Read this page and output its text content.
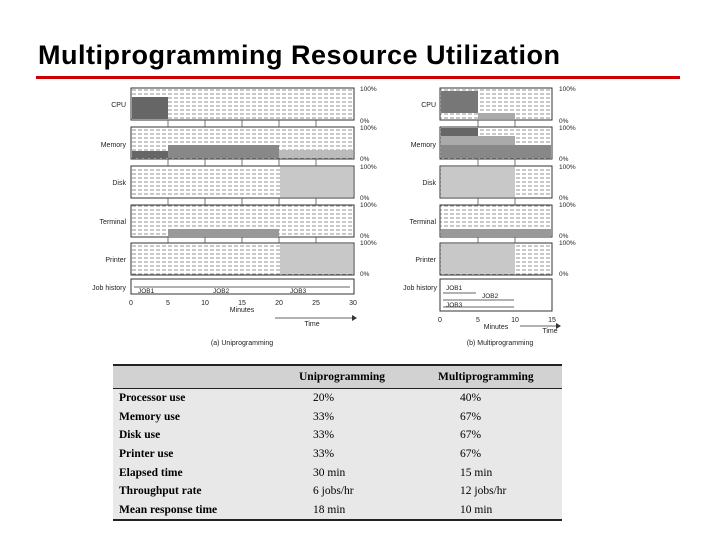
Multiprogramming Resource Utilization
CPU
Memory
Disk
Terminal
Printer
100%
0%
100%
0%
100%
0%
100%
0%
100%
0%
Job history JOB1	JOB2	JOB3
0	5	10	15	20	25	30
Minutes
Time
(a) Uniprogramming
CPU
Memory
Disk
Terminal
Printer
100%
0%
100%
0%
100%
0%
100%
0%
100%
0%
Job history JOB1
JOB2
JOB3
0	5	10	15
Minutes
Time
(b) Multiprogramming
	Uniprogramming	Multiprogramming
Processor use	20%	40%
Memory use	33%	67%
Disk use	33%	67%
Printer use	33%	67%
Elapsed time	30 min	15 min
Throughput rate	6 jobs/hr	12 jobs/hr
Mean response time	18 min	10 min
